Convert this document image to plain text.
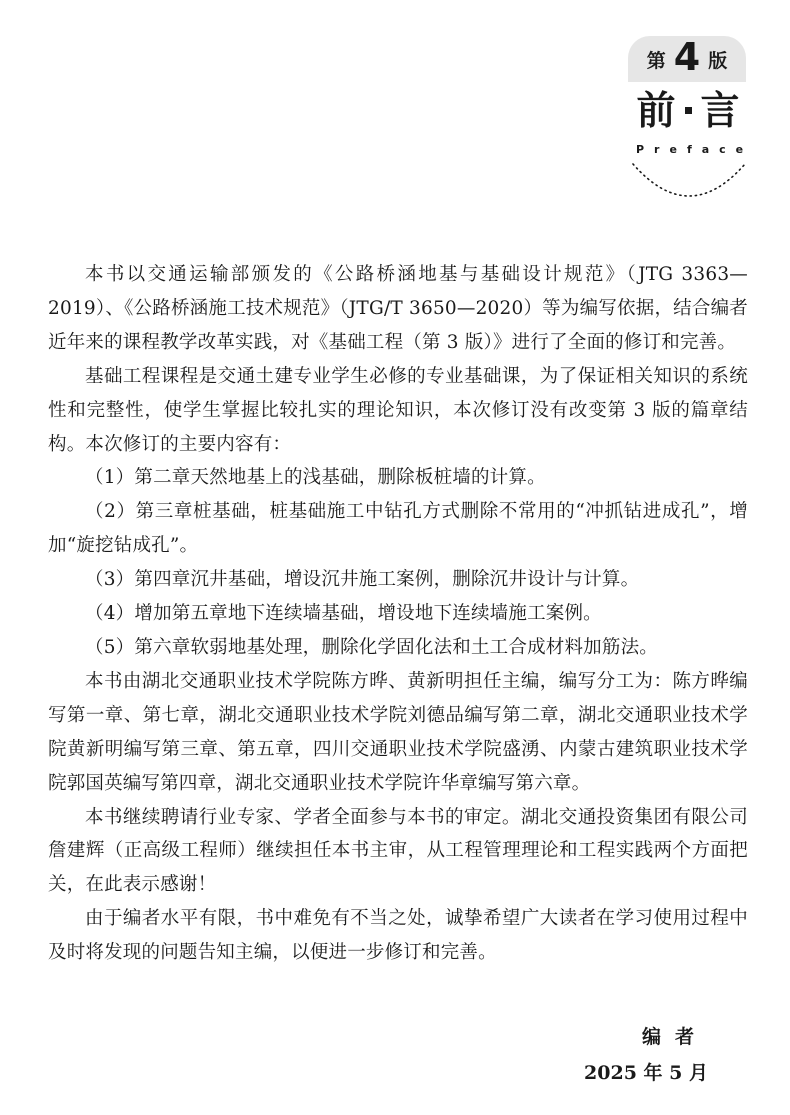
第 4 版
前 言
Preface

本书以交通运输部颁发的《公路桥涵地基与基础设计规范》（JTG 3363—2019）、《公路桥涵施工技术规范》（JTG/T 3650—2020）等为编写依据，结合编者近年来的课程教学改革实践，对《基础工程（第 3 版）》进行了全面的修订和完善。

基础工程课程是交通土建专业学生必修的专业基础课，为了保证相关知识的系统性和完整性，使学生掌握比较扎实的理论知识，本次修订没有改变第 3 版的篇章结构。本次修订的主要内容有：

（1）第二章天然地基上的浅基础，删除板桩墙的计算。

（2）第三章桩基础，桩基础施工中钻孔方式删除不常用的“冲抓钻进成孔”，增加“旋挖钻成孔”。

（3）第四章沉井基础，增设沉井施工案例，删除沉井设计与计算。

（4）增加第五章地下连续墙基础，增设地下连续墙施工案例。

（5）第六章软弱地基处理，删除化学固化法和土工合成材料加筋法。

本书由湖北交通职业技术学院陈方晔、黄新明担任主编，编写分工为：陈方晔编写第一章、第七章，湖北交通职业技术学院刘德品编写第二章，湖北交通职业技术学院黄新明编写第三章、第五章，四川交通职业技术学院盛湧、内蒙古建筑职业技术学院郭国英编写第四章，湖北交通职业技术学院许华章编写第六章。

本书继续聘请行业专家、学者全面参与本书的审定。湖北交通投资集团有限公司詹建辉（正高级工程师）继续担任本书主审，从工程管理理论和工程实践两个方面把关，在此表示感谢！

由于编者水平有限，书中难免有不当之处，诚挚希望广大读者在学习使用过程中及时将发现的问题告知主编，以便进一步修订和完善。

编者
2025 年 5 月
